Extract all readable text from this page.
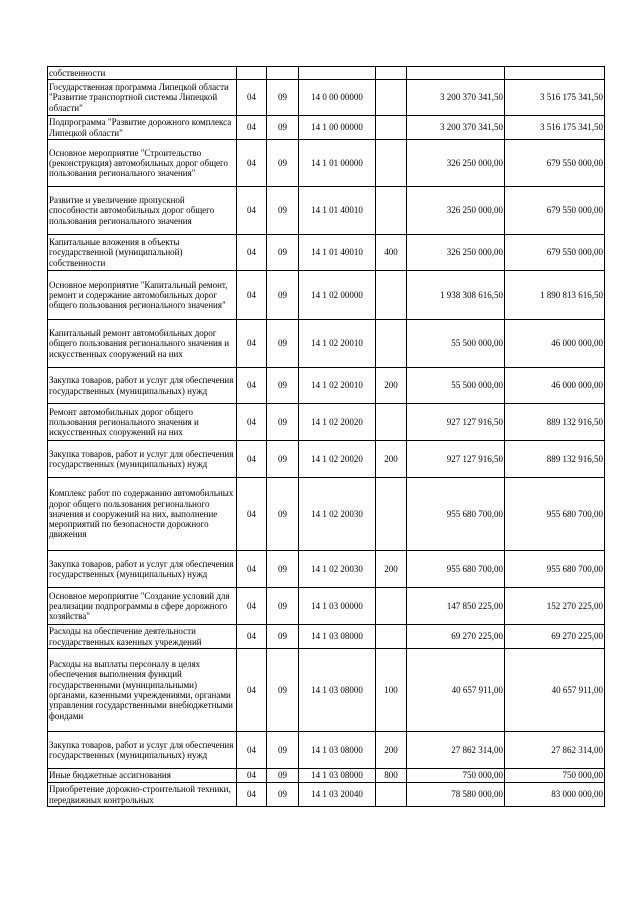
собственности						
Государственная программа Липецкой области "Развитие транспортной системы Липецкой области"	04	09	14 0 00 00000		3 200 370 341,50	3 516 175 341,50
Подпрограмма "Развитие дорожного комплекса Липецкой области"	04	09	14 1 00 00000		3 200 370 341,50	3 516 175 341,50
Основное мероприятие "Строительство (реконструкция) автомобильных дорог общего пользования регионального значения"	04	09	14 1 01 00000		326 250 000,00	679 550 000,00
Развитие и увеличение пропускной способности автомобильных дорог общего пользования регионального значения	04	09	14 1 01 40010		326 250 000,00	679 550 000,00
Капитальные вложения в объекты государственной (муниципальной) собственности	04	09	14 1 01 40010	400	326 250 000,00	679 550 000,00
Основное мероприятие "Капитальный ремонт, ремонт и содержание автомобильных дорог общего пользования регионального значения"	04	09	14 1 02 00000		1 938 308 616,50	1 890 813 616,50
Капитальный ремонт автомобильных дорог общего пользования регионального значения и искусственных сооружений на них	04	09	14 1 02 20010		55 500 000,00	46 000 000,00
Закупка товаров, работ и услуг для обеспечения государственных (муниципальных) нужд	04	09	14 1 02 20010	200	55 500 000,00	46 000 000,00
Ремонт автомобильных дорог общего пользования регионального значения и искусственных сооружений на них	04	09	14 1 02 20020		927 127 916,50	889 132 916,50
Закупка товаров, работ и услуг для обеспечения государственных (муниципальных) нужд	04	09	14 1 02 20020	200	927 127 916,50	889 132 916,50
Комплекс работ по содержанию автомобильных дорог общего пользования регионального значения и сооружений на них, выполнение мероприятий по безопасности дорожного движения	04	09	14 1 02 20030		955 680 700,00	955 680 700,00
Закупка товаров, работ и услуг для обеспечения государственных (муниципальных) нужд	04	09	14 1 02 20030	200	955 680 700,00	955 680 700,00
Основное мероприятие "Создание условий для реализации подпрограммы в сфере дорожного хозяйства"	04	09	14 1 03 00000		147 850 225,00	152 270 225,00
Расходы на обеспечение деятельности государственных казенных учреждений	04	09	14 1 03 08000		69 270 225,00	69 270 225,00
Расходы на выплаты персоналу в целях обеспечения выполнения функций государственными (муниципальными) органами, казенными учреждениями, органами управления государственными внебюджетными фондами	04	09	14 1 03 08000	100	40 657 911,00	40 657 911,00
Закупка товаров, работ и услуг для обеспечения государственных (муниципальных) нужд	04	09	14 1 03 08000	200	27 862 314,00	27 862 314,00
Иные бюджетные ассигнования	04	09	14 1 03 08000	800	750 000,00	750 000,00
Приобретение дорожно-строительной техники, передвижных контрольных	04	09	14 1 03 20040		78 580 000,00	83 000 000,00
